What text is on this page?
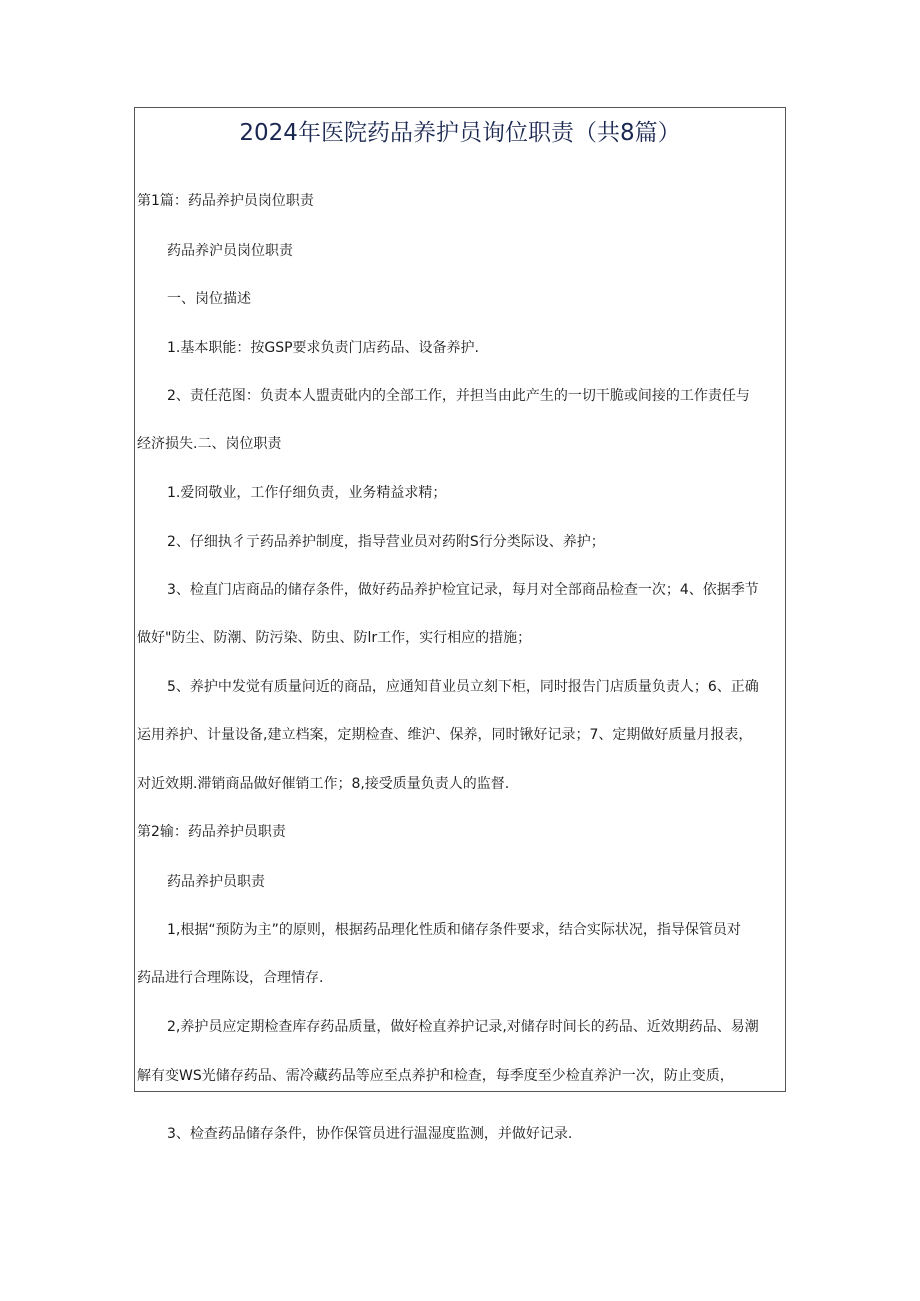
2024年医院药品养护员询位职责（共8篇）

第1篇：药品养护员岗位职责

药品养沪员岗位职责

一、岗位描述

1.基本职能：按GSP要求负责门店药品、设备养护.

2、责任范图：负责本人盟责砒内的全部工作，并担当由此产生的一切干脆或间接的工作责任与

经济损失.二、岗位职责

1.爱冏敬业，工作仔细负责，业务精益求精；

2、仔细执彳亍药品养护制度，指导营业员对药附S行分类际设、养护；

3、检直门店商品的储存条件，做好药品养护检宜记录，每月对全部商品检查一次；4、依据季节

做好"防尘、防潮、防污染、防虫、防lr工作，实行相应的措施；

5、养护中发觉有质量问近的商品，应通知苜业员立刻下柜，同时报告门店质量负责人；6、正确

运用养护、计量设备,建立档案，定期检查、维沪、保养，同时锹好记录；7、定期做好质量月报表，

对近效期.滞销商品做好催销工作；8,接受质量负责人的监督.

第2输：药品养护员职责

药品养护员职责

1,根据“预防为主”的原则，根据药品理化性质和储存条件要求，结合实际状况，指导保管员对

药品进行合理陈设，合理情存.

2,养护员应定期检查库存药品质量，做好检直养护记录,对储存时间长的药品、近效期药品、易潮

解有变WS光储存药品、需冷藏药品等应至点养护和检查，每季度至少检直养沪一次，防止变质，

3、检查药品储存条件，协作保管员进行温湿度监测，并做好记录.
